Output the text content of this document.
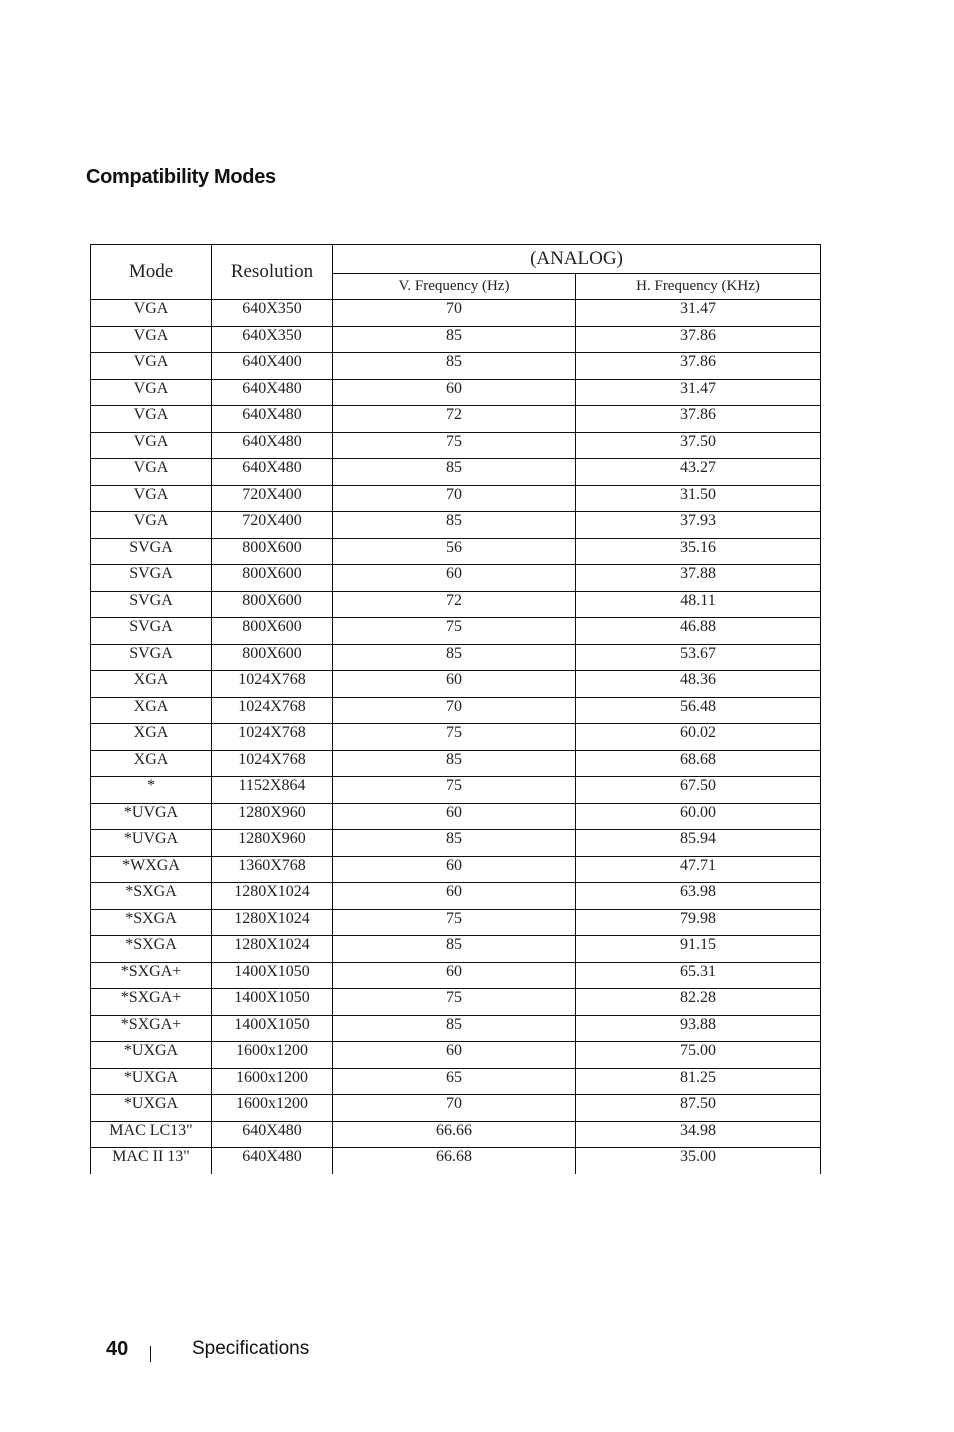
Compatibility Modes
Mode	Resolution	(ANALOG)	
		V. Frequency (Hz)	H. Frequency (KHz)
VGA	640X350	70	31.47
VGA	640X350	85	37.86
VGA	640X400	85	37.86
VGA	640X480	60	31.47
VGA	640X480	72	37.86
VGA	640X480	75	37.50
VGA	640X480	85	43.27
VGA	720X400	70	31.50
VGA	720X400	85	37.93
SVGA	800X600	56	35.16
SVGA	800X600	60	37.88
SVGA	800X600	72	48.11
SVGA	800X600	75	46.88
SVGA	800X600	85	53.67
XGA	1024X768	60	48.36
XGA	1024X768	70	56.48
XGA	1024X768	75	60.02
XGA	1024X768	85	68.68
*	1152X864	75	67.50
*UVGA	1280X960	60	60.00
*UVGA	1280X960	85	85.94
*WXGA	1360X768	60	47.71
*SXGA	1280X1024	60	63.98
*SXGA	1280X1024	75	79.98
*SXGA	1280X1024	85	91.15
*SXGA+	1400X1050	60	65.31
*SXGA+	1400X1050	75	82.28
*SXGA+	1400X1050	85	93.88
*UXGA	1600x1200	60	75.00
*UXGA	1600x1200	65	81.25
*UXGA	1600x1200	70	87.50
MAC LC13"	640X480	66.66	34.98
MAC II 13"	640X480	66.68	35.00
40	Specifications
